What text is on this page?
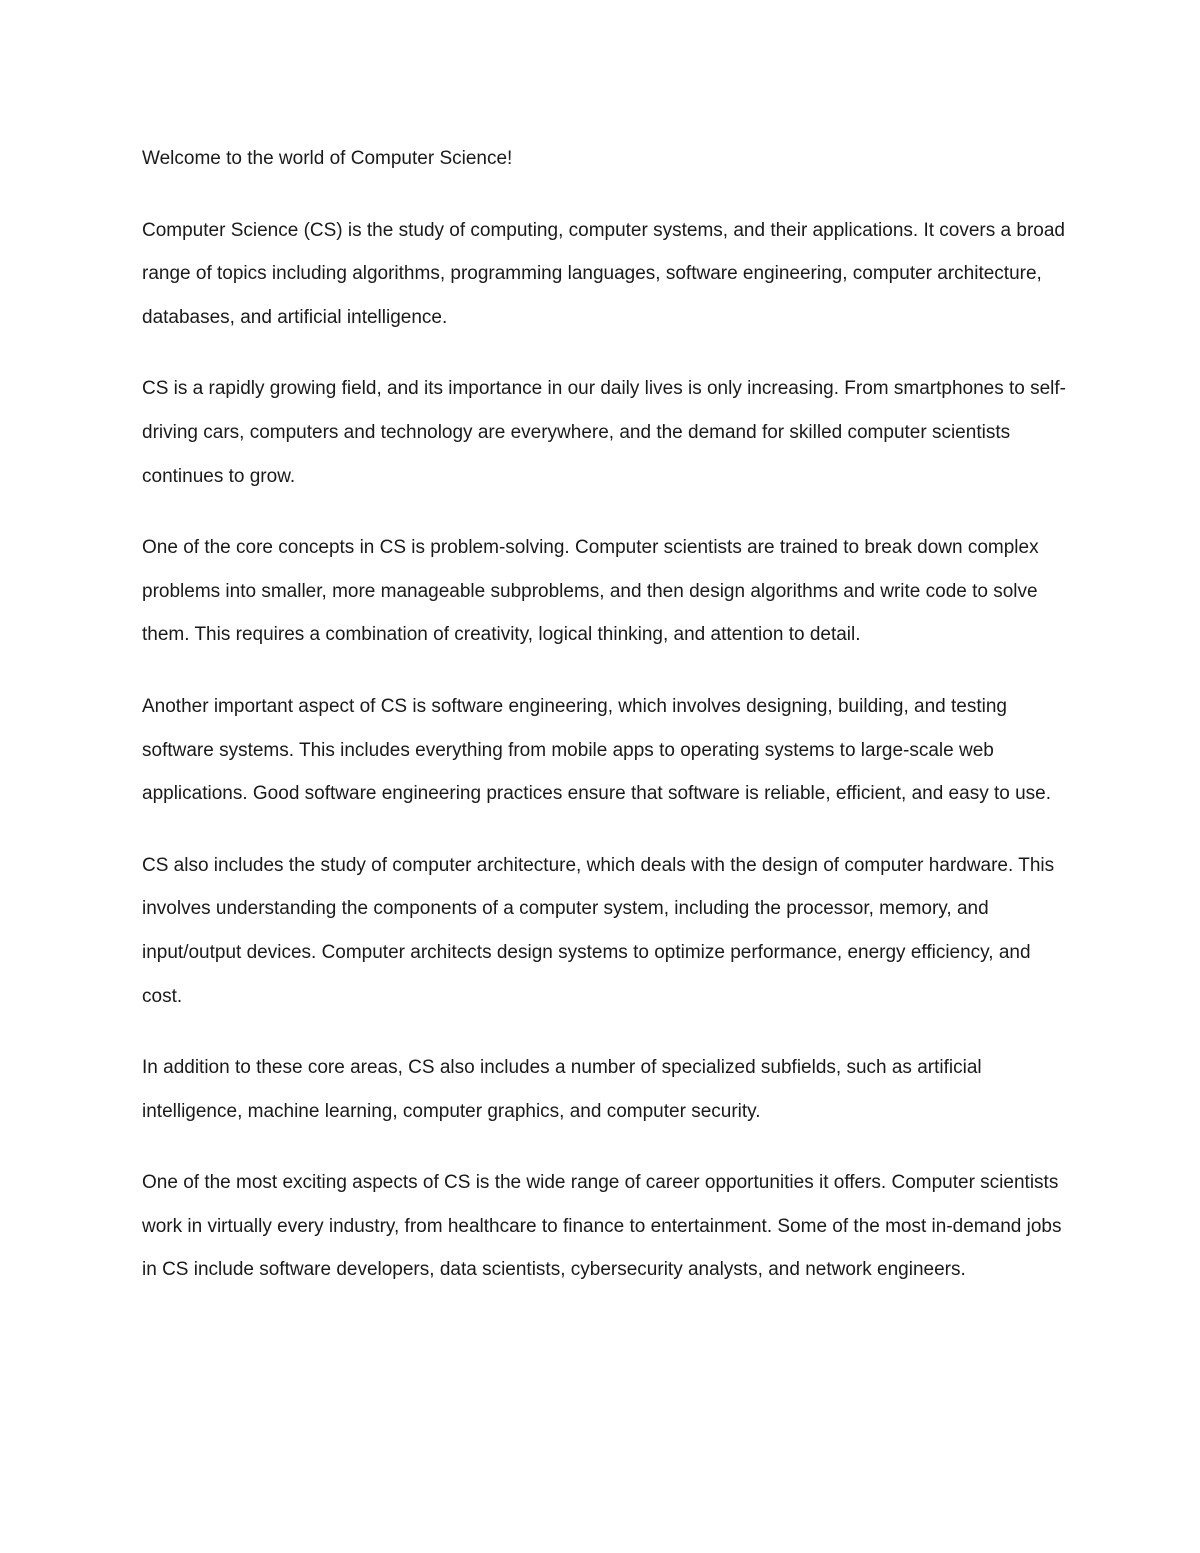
Welcome to the world of Computer Science!

Computer Science (CS) is the study of computing, computer systems, and their applications. It covers a broad range of topics including algorithms, programming languages, software engineering, computer architecture, databases, and artificial intelligence.

CS is a rapidly growing field, and its importance in our daily lives is only increasing. From smartphones to self-driving cars, computers and technology are everywhere, and the demand for skilled computer scientists continues to grow.

One of the core concepts in CS is problem-solving. Computer scientists are trained to break down complex problems into smaller, more manageable subproblems, and then design algorithms and write code to solve them. This requires a combination of creativity, logical thinking, and attention to detail.

Another important aspect of CS is software engineering, which involves designing, building, and testing software systems. This includes everything from mobile apps to operating systems to large-scale web applications. Good software engineering practices ensure that software is reliable, efficient, and easy to use.

CS also includes the study of computer architecture, which deals with the design of computer hardware. This involves understanding the components of a computer system, including the processor, memory, and input/output devices. Computer architects design systems to optimize performance, energy efficiency, and cost.

In addition to these core areas, CS also includes a number of specialized subfields, such as artificial intelligence, machine learning, computer graphics, and computer security.

One of the most exciting aspects of CS is the wide range of career opportunities it offers. Computer scientists work in virtually every industry, from healthcare to finance to entertainment. Some of the most in-demand jobs in CS include software developers, data scientists, cybersecurity analysts, and network engineers.
